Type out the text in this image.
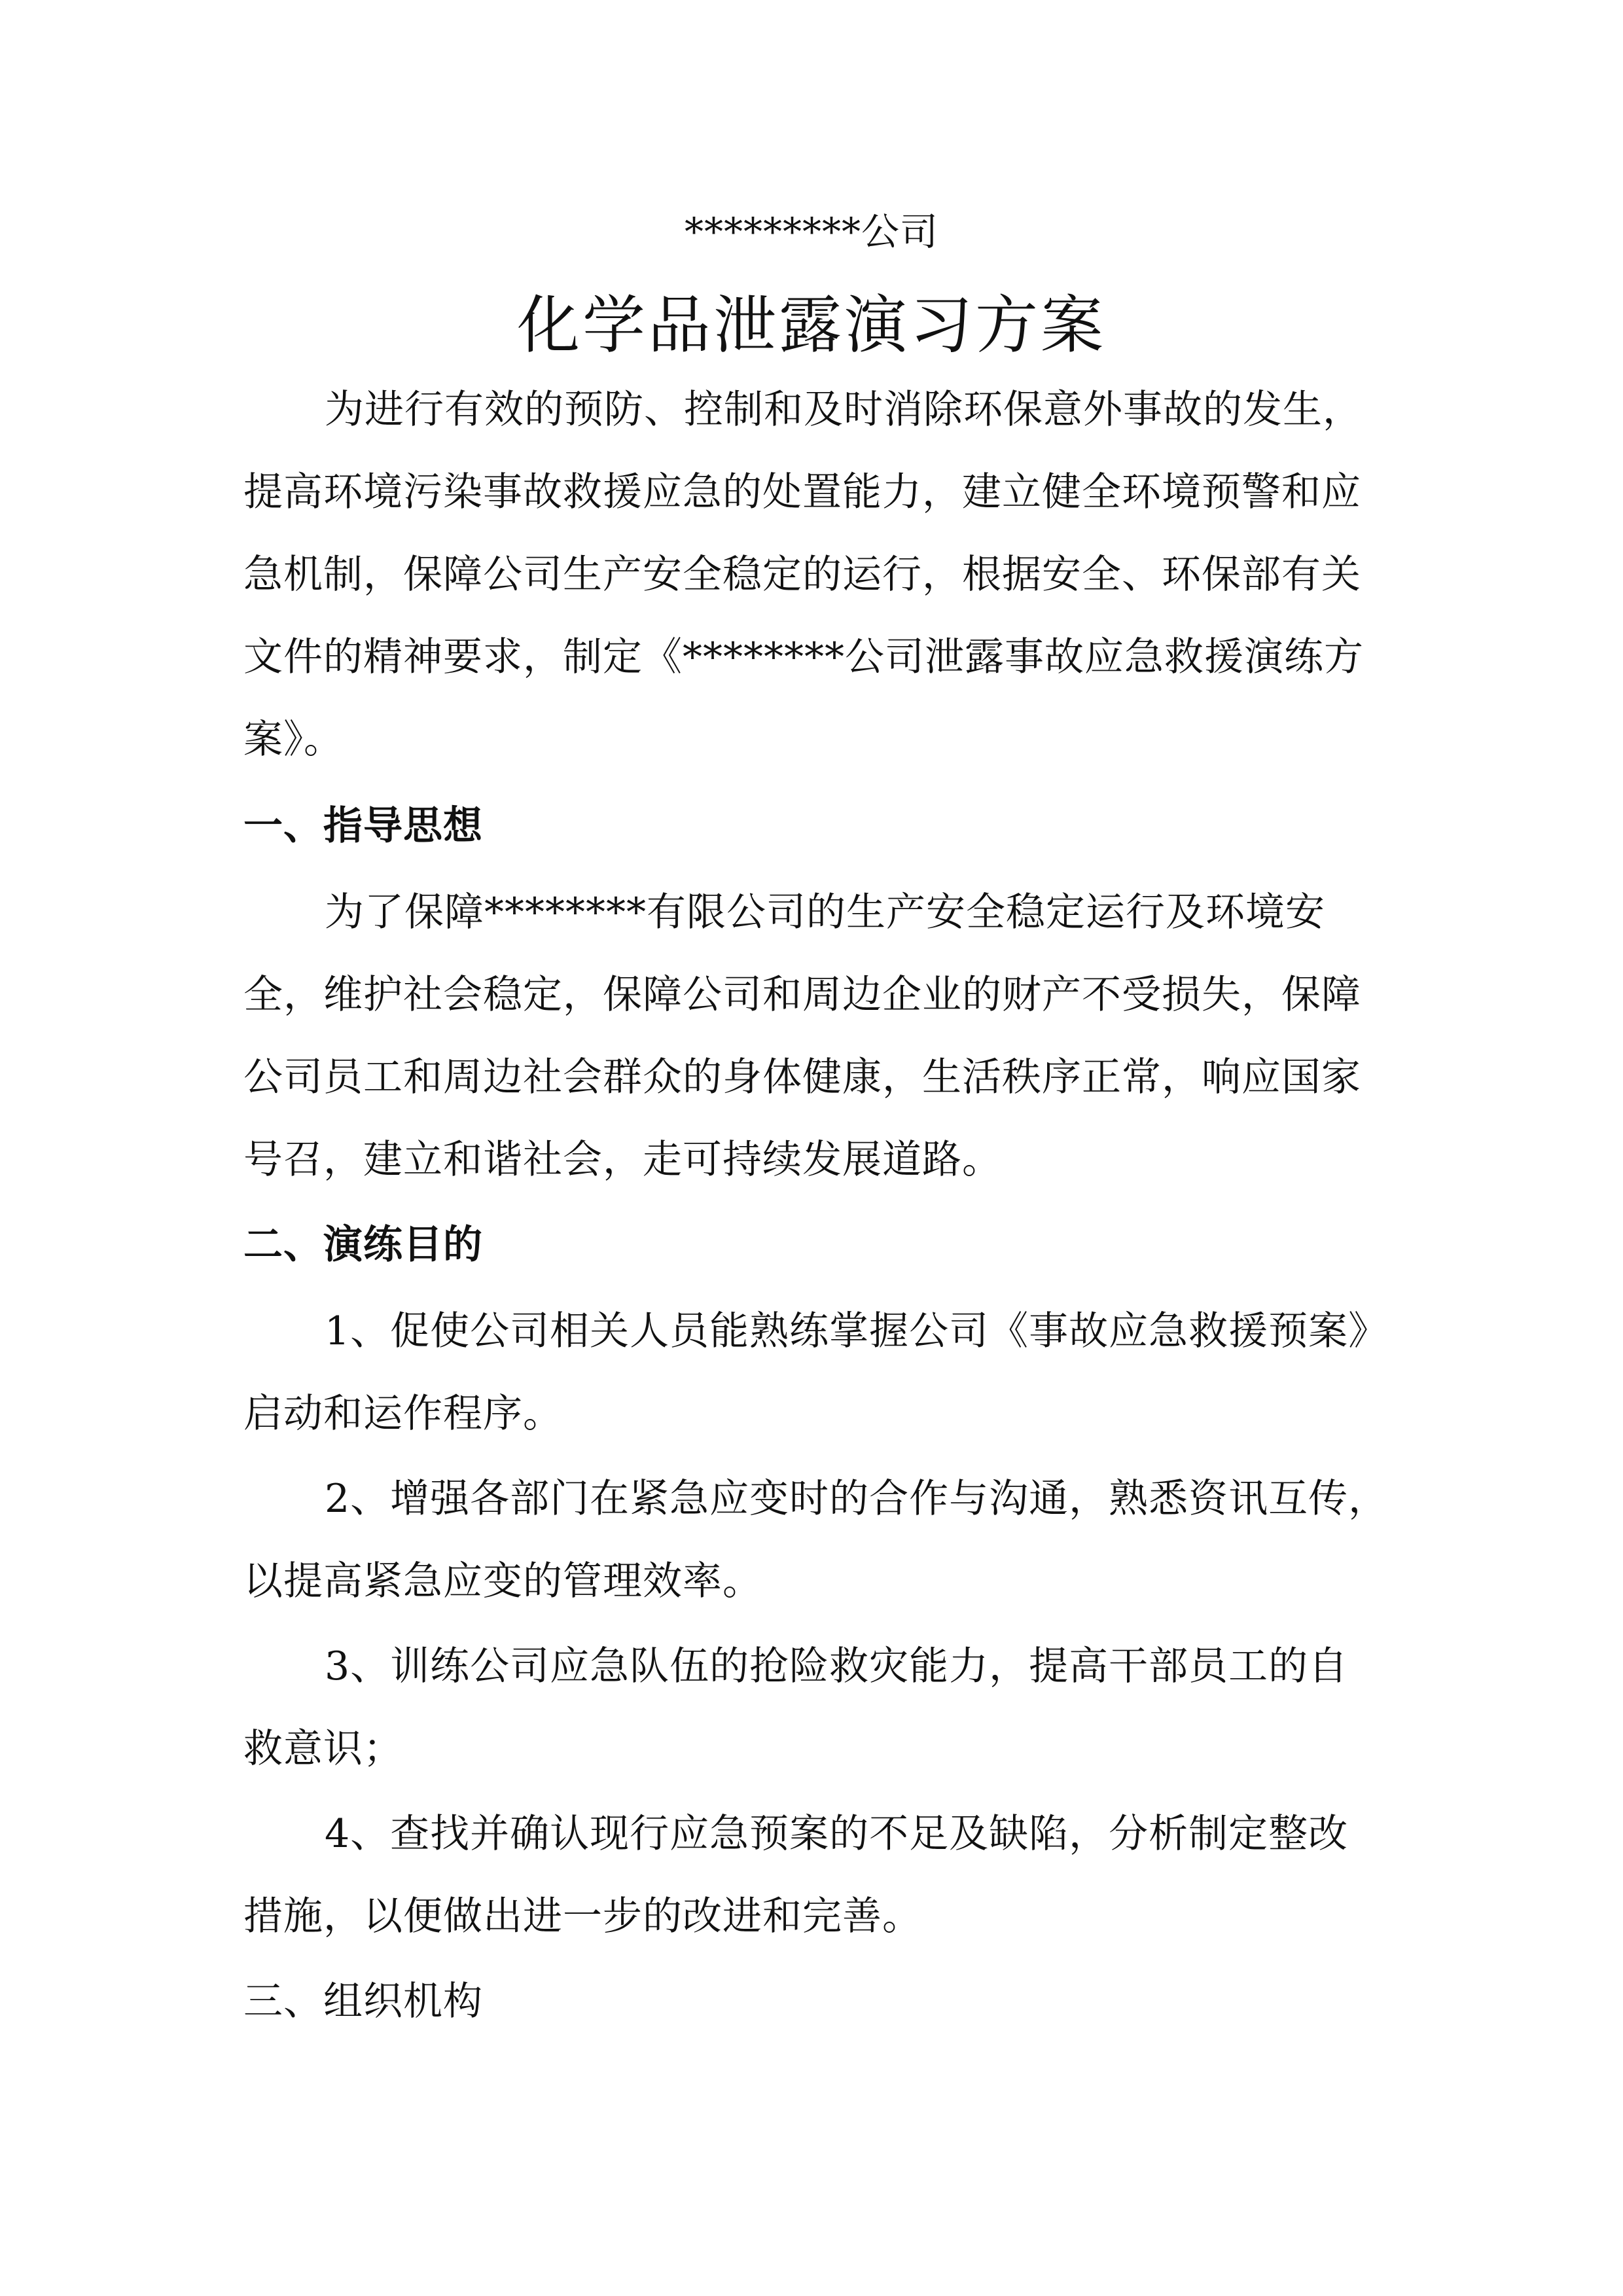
*********公司
化学品泄露演习方案
为进行有效的预防、控制和及时消除环保意外事故的发生，
提高环境污染事故救援应急的处置能力，建立健全环境预警和应
急机制，保障公司生产安全稳定的运行，根据安全、环保部有关
文件的精神要求，制定《********公司泄露事故应急救援演练方
案》。
一、指导思想
为了保障********有限公司的生产安全稳定运行及环境安
全，维护社会稳定，保障公司和周边企业的财产不受损失，保障
公司员工和周边社会群众的身体健康，生活秩序正常，响应国家
号召，建立和谐社会，走可持续发展道路。
二、演练目的
1、促使公司相关人员能熟练掌握公司《事故应急救援预案》
启动和运作程序。
2、增强各部门在紧急应变时的合作与沟通，熟悉资讯互传，
以提高紧急应变的管理效率。
3、训练公司应急队伍的抢险救灾能力，提高干部员工的自
救意识；
4、查找并确认现行应急预案的不足及缺陷，分析制定整改
措施，以便做出进一步的改进和完善。
三、组织机构
